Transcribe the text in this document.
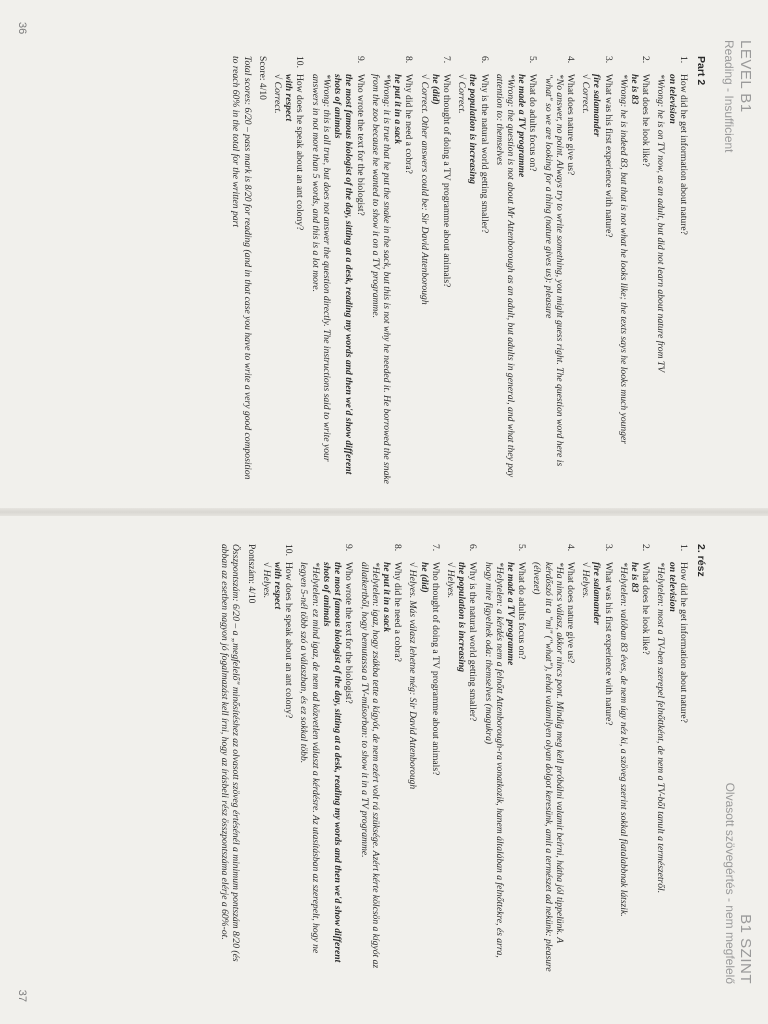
LEVEL B1
Reading - Insufficient
Part 2
1.
How did he get information about nature?
on television
*Wrong: he is on TV now, as an adult, but did not learn about nature from TV
2.
What does he look like?
he is 83
*Wrong: he is indeed 83, but that is not what he looks like; the texts says he looks much younger
3.
What was his first experience with nature?
fire salamander
√ Correct.
4.
What does nature give us?
*No answer, no point. Always try to write something, you might guess right. The question word here is "what" so we are looking for a thing (nature gives us): pleasure
5.
What do adults focus on?
he made a TV programme
*Wrong: the question is not about Mr Attenborough as an adult, but adults in general, and what they pay attention to: themselves
6.
Why is the natural world getting smaller?
the population is increasing
√ Correct.
7.
Who thought of doing a TV programme about animals?
he (did)
√ Correct. Other answers could be: Sir David Attenborough
8.
Why did he need a cobra?
he put it in a sack
*Wrong: it is true that he put the snake in the sack, but this is not why he needed it. He borrowed the snake from the zoo because he wanted to show it on a TV programme.
9.
Who wrote the text for the biologist?
the most famous biologist of the day, sitting at a desk, reading my words and then we'd show different shots of animals
*Wrong: this is all true, but does not answer the question directly. The instructions said to write your answers in not more than 5 words, and this is a lot more.
10.
How does he speak about an ant colony?
with respect
√ Correct.
Score: 4/10
Total scores: 6/20 – pass mark is 8/20 for reading (and in that case you have to write a very good composition to reach 60% in the total for the written part
36
B1 SZINT
Olvasott szövegértés - nem megfelelő
2. rész
1.
How did he get information about nature?
on television
*Helytelen: most a TV-ben szerepel felnőttként, de nem a TV-ből tanult a természetről.
2.
What does he look like?
he is 83
*Helytelen: valóban 83 éves, de nem úgy néz ki, a szöveg szerint sokkal fiatalabbnak látszik.
3.
What was his first experience with nature?
fire salamander
√ Helyes.
4.
What does nature give us?
*Ha nincs válasz, akkor nincs pont. Mindig meg kell próbálni valamit beírni, hátha jól tippelünk. A kérdőszó itt a "mi" ("what"), tehát valamilyen olyan dolgot keresünk, amit a természet ad nekünk: pleasure (élvezet)
5.
What do adults focus on?
he made a TV programme
*Helytelen: a kérdés nem a felnőtt Attenborough-ra vonatkozik, hanem általában a felnőttekre, és arra, hogy mire figyelnek oda: themselves (magukra)
6.
Why is the natural world getting smaller?
the population is increasing
√ Helyes.
7.
Who thought of doing a TV programme about animals?
he (did)
√ Helyes. Más válasz lehetne még: Sir David Attenborough
8.
Why did he need a cobra?
he put it in a sack
*Helytelen: igaz, hogy zsákba tette a kígyót, de nem ezért volt rá szüksége. Azért kérte kölcsön a kígyót az állatkertből, hogy bemutassa a TV-műsorban: to show it in a TV programme.
9.
Who wrote the text for the biologist?
the most famous biologist of the day, sitting at a desk, reading my words and then we'd show different shots of animals
*Helytelen: ez mind igaz, de nem ad közvetlen választ a kérdésre. Az utasításban az szerepelt, hogy ne legyen 5-nél több szó a válaszban, és ez sokkal több.
10.
How does he speak about an ant colony?
with respect
√ Helyes.
Pontszám: 4/10
Összpontszám: 6/20 – a „megfelelő" minősítéshez az olvasott szöveg értésénél a minimum pontszám 8/20 (és abban az esetben nagyon jó fogalmazást kell írni, hogy az írásbeli rész összpontszáma elérje a 60%-ot.
37
